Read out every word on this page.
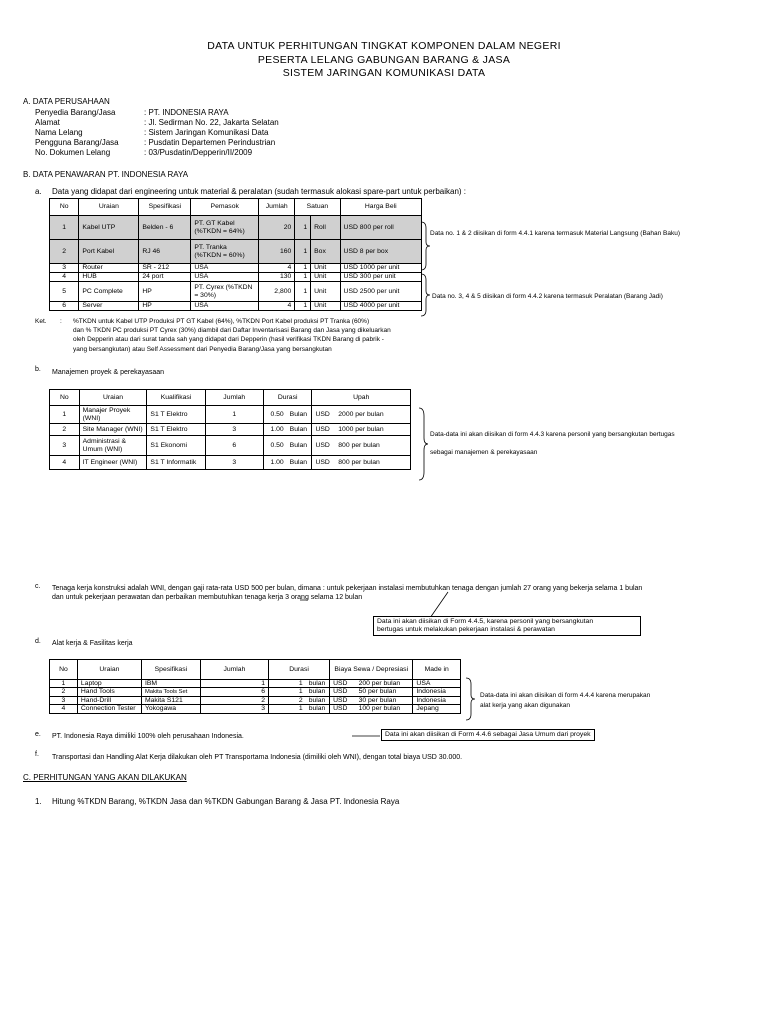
DATA UNTUK PERHITUNGAN TINGKAT KOMPONEN DALAM NEGERI
PESERTA LELANG GABUNGAN BARANG & JASA
SISTEM JARINGAN KOMUNIKASI DATA
A. DATA PERUSAHAAN
Penyedia Barang/Jasa	: PT. INDONESIA RAYA
Alamat	: Jl. Sedirman No. 22, Jakarta Selatan
Nama Lelang	: Sistem Jaringan Komunikasi Data
Pengguna Barang/Jasa	: Pusdatin Departemen Perindustrian
No. Dokumen Lelang	: 03/Pusdatin/Depperin/II/2009
B. DATA PENAWARAN PT. INDONESIA RAYA
a. Data yang didapat dari engineering untuk material & peralatan (sudah termasuk alokasi spare-part untuk perbaikan) :
No	Uraian	Spesifikasi	Pemasok	Jumlah	Satuan		Harga Beli
1	Kabel UTP	Belden - 6	PT. GT Kabel (%TKDN = 64%)	20	1	Roll	USD 800 per roll
2	Port Kabel	RJ 46	PT. Tranka (%TKDN = 60%)	160	1	Box	USD 8 per box
3	Router	SR - 212	USA	4	1	Unit	USD 1000 per unit
4	HUB	24 port	USA	130	1	Unit	USD 300 per unit
5	PC Complete	HP	PT. Cyrex (%TKDN = 30%)	2,800	1	Unit	USD 2500 per unit
6	Server	HP	USA	4	1	Unit	USD 4000 per unit
Data no. 1 & 2 diisikan di form 4.4.1 karena termasuk Material Langsung (Bahan Baku)
Data no. 3, 4 & 5 diisikan di form 4.4.2 karena termasuk Peralatan (Barang Jadi)
Ket. : %TKDN untuk Kabel UTP Produksi PT GT Kabel (64%), %TKDN Port Kabel produksi PT Tranka (60%)
dan % TKDN PC produksi PT Cyrex (30%) diambil dari Daftar Inventarisasi Barang dan Jasa yang dikeluarkan
oleh Depperin atau dari surat tanda sah yang didapat dari Depperin (hasil verifikasi TKDN Barang di pabrik -
yang bersangkutan) atau Self Assessment dari Penyedia Barang/Jasa yang bersangkutan
b. Manajemen proyek & perekayasaan
No	Uraian	Kualifikasi	Jumlah	Durasi		Upah	
1	Manajer Proyek (WNI)	S1 T Elektro	1	0.50	Bulan	USD	2000 per bulan
2	Site Manager (WNI)	S1 T Elektro	3	1.00	Bulan	USD	1000 per bulan
3	Administrasi & Umum (WNI)	S1 Ekonomi	6	0.50	Bulan	USD	800 per bulan
4	IT Engineer (WNI)	S1 T Informatik	3	1.00	Bulan	USD	800 per bulan
Data-data ini akan diisikan di form 4.4.3 karena personil yang bersangkutan bertugas
sebagai manajemen & perekayasaan
c. Tenaga kerja konstruksi adalah WNI, dengan gaji rata-rata USD 500 per bulan, dimana : untuk pekerjaan instalasi membutuhkan tenaga dengan jumlah 27 orang yang bekerja selama 1 bulan
dan untuk pekerjaan perawatan dan perbaikan membutuhkan tenaga kerja 3 orang selama 12 bulan
Data ini akan diisikan di Form 4.4.5, karena personil yang bersangkutan
bertugas untuk melakukan pekerjaan instalasi & perawatan
d. Alat kerja & Fasilitas kerja
No	Uraian	Spesifikasi	Jumlah	Durasi		Biaya Sewa / Depresiasi		Made in
1	Laptop	IBM	1	1	bulan	USD	200 per bulan	USA
2	Hand Tools	Makita Tools Set	6	1	bulan	USD	50 per bulan	Indonesia
3	Hand-Drill	Makita S121	2	2	bulan	USD	30 per bulan	Indonesia
4	Connection Tester	Yokogawa	3	1	bulan	USD	100 per bulan	Jepang
Data-data ini akan diisikan di form 4.4.4 karena merupakan
alat kerja yang akan digunakan
e. PT. Indonesia Raya dimiliki 100% oleh perusahaan Indonesia.	Data ini akan diisikan di Form 4.4.6 sebagai Jasa Umum dari proyek
f. Transportasi dan Handling Alat Kerja dilakukan oleh PT Transportama Indonesia (dimiliki oleh WNI), dengan total biaya USD 30.000.
C. PERHITUNGAN YANG AKAN DILAKUKAN
1. Hitung %TKDN Barang, %TKDN Jasa dan %TKDN Gabungan Barang & Jasa PT. Indonesia Raya
